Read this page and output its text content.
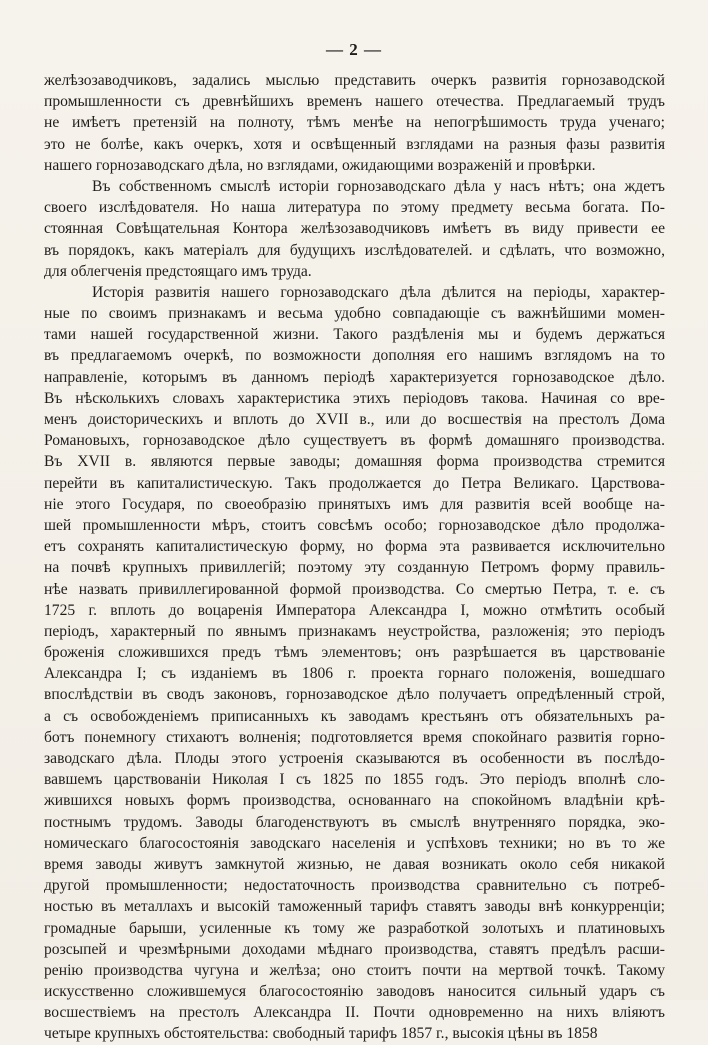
— 2 —
желѣзозаводчиковъ, задались мыслью представить очеркъ развитія горнозаводской
промышленности съ древнѣйшихъ временъ нашего отечества. Предлагаемый трудъ
не имѣетъ претензій на полноту, тѣмъ менѣе на непогрѣшимость труда ученаго;
это не болѣе, какъ очеркъ, хотя и освѣщенный взглядами на разныя фазы развитія
нашего горнозаводскаго дѣла, но взглядами, ожидающими возраженій и провѣрки.
Въ собственномъ смыслѣ исторіи горнозаводскаго дѣла у насъ нѣтъ; она ждетъ
своего изслѣдователя. Но наша литература по этому предмету весьма богата. По-
стоянная Совѣщательная Контора желѣзозаводчиковъ имѣетъ въ виду привести ее
въ порядокъ, какъ матеріалъ для будущихъ изслѣдователей. и сдѣлать, что возможно,
для облегченія предстоящаго имъ труда.
Исторія развитія нашего горнозаводскаго дѣла дѣлится на періоды, характер-
ные по своимъ признакамъ и весьма удобно совпадающіе съ важнѣйшими момен-
тами нашей государственной жизни. Такого раздѣленія мы и будемъ держаться
въ предлагаемомъ очеркѣ, по возможности дополняя его нашимъ взглядомъ на то
направленіе, которымъ въ данномъ періодѣ характеризуется горнозаводское дѣло.
Въ нѣсколькихъ словахъ характеристика этихъ періодовъ такова. Начиная со вре-
менъ доисторическихъ и вплоть до XVII в., или до восшествія на престолъ Дома
Романовыхъ, горнозаводское дѣло существуетъ въ формѣ домашняго производства.
Въ XVII в. являются первые заводы; домашняя форма производства стремится
перейти въ капиталистическую. Такъ продолжается до Петра Великаго. Царствова-
ніе этого Государя, по своеобразію принятыхъ имъ для развитія всей вообще на-
шей промышленности мѣръ, стоитъ совсѣмъ особо; горнозаводское дѣло продолжа-
етъ сохранять капиталистическую форму, но форма эта развивается исключительно
на почвѣ крупныхъ привиллегій; поэтому эту созданную Петромъ форму правиль-
нѣе назвать привиллегированной формой производства. Со смертью Петра, т. е. съ
1725 г. вплоть до воцаренія Императора Александра I, можно отмѣтить особый
періодъ, характерный по явнымъ признакамъ неустройства, разложенія; это періодъ
броженія сложившихся предъ тѣмъ элементовъ; онъ разрѣшается въ царствованіе
Александра I; съ изданіемъ въ 1806 г. проекта горнаго положенія, вошедшаго
впослѣдствіи въ сводъ законовъ, горнозаводское дѣло получаетъ опредѣленный строй,
а съ освобожденіемъ приписанныхъ къ заводамъ крестьянъ отъ обязательныхъ ра-
ботъ понемногу стихаютъ волненія; подготовляется время спокойнаго развитія горно-
заводскаго дѣла. Плоды этого устроенія сказываются въ особенности въ послѣдо-
вавшемъ царствованіи Николая I съ 1825 по 1855 годъ. Это періодъ вполнѣ сло-
жившихся новыхъ формъ производства, основаннаго на спокойномъ владѣніи крѣ-
постнымъ трудомъ. Заводы благоденствуютъ въ смыслѣ внутренняго порядка, эко-
номическаго благосостоянія заводскаго населенія и успѣховъ техники; но въ то же
время заводы живутъ замкнутой жизнью, не давая возникать около себя никакой
другой промышленности; недостаточность производства сравнительно съ потреб-
ностью въ металлахъ и высокій таможенный тарифъ ставятъ заводы внѣ конкурренціи;
громадные барыши, усиленные къ тому же разработкой золотыхъ и платиновыхъ
розсыпей и чрезмѣрными доходами мѣднаго производства, ставятъ предѣлъ расши-
ренію производства чугуна и желѣза; оно стоитъ почти на мертвой точкѣ. Такому
искусственно сложившемуся благосостоянію заводовъ наносится сильный ударъ съ
восшествіемъ на престолъ Александра II. Почти одновременно на нихъ вліяютъ
четыре крупныхъ обстоятельства: свободный тарифъ 1857 г., высокія цѣны въ 1858
